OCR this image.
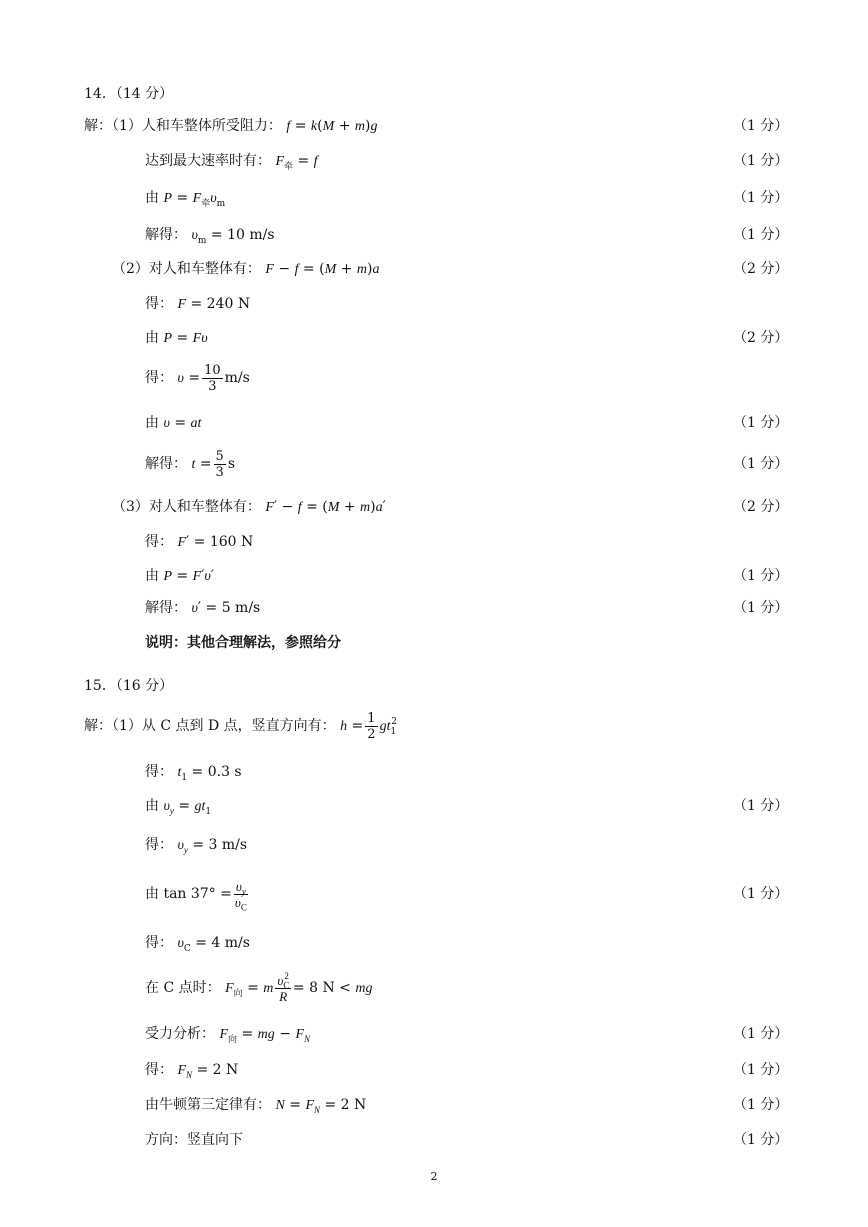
14．（14 分）
解：（1）人和车整体所受阻力： f = k(M + m)g	（1 分）
达到最大速率时有： $F_牵 = f$	（1 分）
由 $P = F_牵\upsilon_m$	（1 分）
解得： $\upsilon_m = 10$ m/s	（1 分）
（2）对人和车整体有： F − f = (M + m)a	（2 分）
得： F = 240 N
由 P = Fυ	（2 分）
得： $\upsilon = \frac{10}{3} m/s$
由 υ = at	（1 分）
解得： $t = \frac{5}{3}$ s	（1 分）
（3）对人和车整体有： F′ − f = (M + m)a′	（2 分）
得： F′ = 160 N
由 P = F′υ′	（1 分）
解得： υ′ = 5 m/s	（1 分）
说明：其他合理解法，参照给分
15．（16 分）
解：（1）从 C 点到 D 点，竖直方向有： $h = \frac{1}{2} gt_1^2$
得： $t_1 = 0.3$ s
由 $\upsilon_y = gt_1$	（1 分）
得： $\upsilon_y = 3$ m/s
由 $\tan 37^\circ = \frac{\upsilon_y}{\upsilon_C}$	（1 分）
得： $\upsilon_C = 4$ m/s
在 C 点时： $F_向 = m \frac{\upsilon_C^2}{R} = 8$ N < mg
受力分析： $F_向$ = mg − $F_N$	（1 分）
得： $F_N = 2$ N	（1 分）
由牛顿第三定律有： $N = F_N = 2$ N	（1 分）
方向：竖直向下	（1 分）
2
